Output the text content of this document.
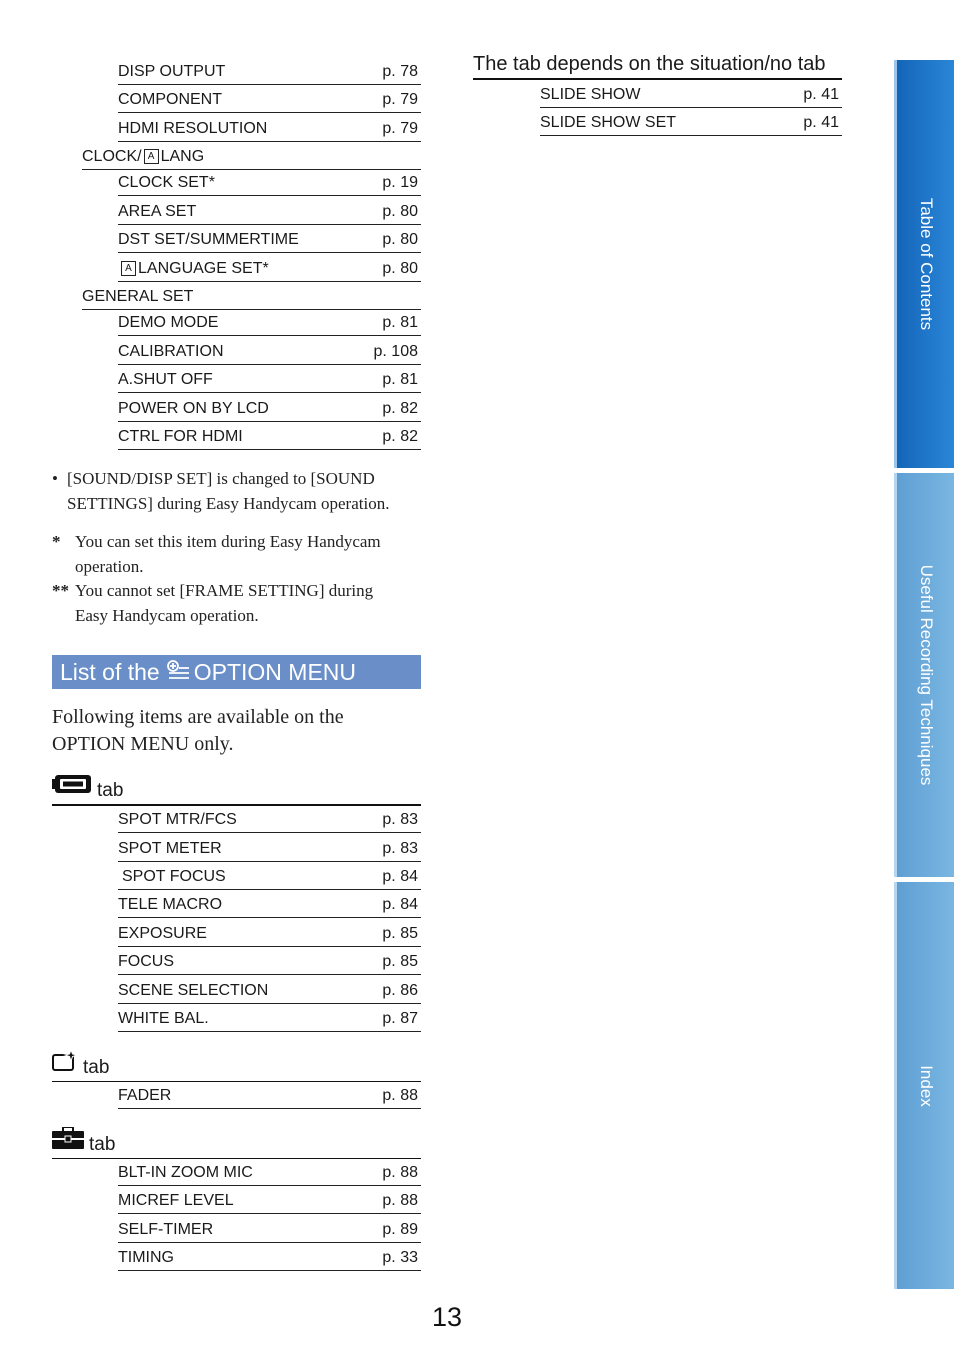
DISP OUTPUT	p. 78
COMPONENT	p. 79
HDMI RESOLUTION	p. 79
CLOCK/ A LANG
CLOCK SET*	p. 19
AREA SET	p. 80
DST SET/SUMMERTIME	p. 80
A LANGUAGE SET*	p. 80
GENERAL SET
DEMO MODE	p. 81
CALIBRATION	p. 108
A.SHUT OFF	p. 81
POWER ON BY LCD	p. 82
CTRL FOR HDMI	p. 82
• [SOUND/DISP SET] is changed to [SOUND
SETTINGS] during Easy Handycam operation.
* You can set this item during Easy Handycam
operation.
** You cannot set [FRAME SETTING] during
Easy Handycam operation.
List of the OPTION MENU
Following items are available on the
OPTION MENU only.
tab
SPOT MTR/FCS	p. 83
SPOT METER	p. 83
SPOT FOCUS	p. 84
TELE MACRO	p. 84
EXPOSURE	p. 85
FOCUS	p. 85
SCENE SELECTION	p. 86
WHITE BAL.	p. 87
tab
FADER	p. 88
tab
BLT-IN ZOOM MIC	p. 88
MICREF LEVEL	p. 88
SELF-TIMER	p. 89
TIMING	p. 33
The tab depends on the situation/no tab
SLIDE SHOW	p. 41
SLIDE SHOW SET	p. 41
Table of Contents
Useful Recording Techniques
Index
13
